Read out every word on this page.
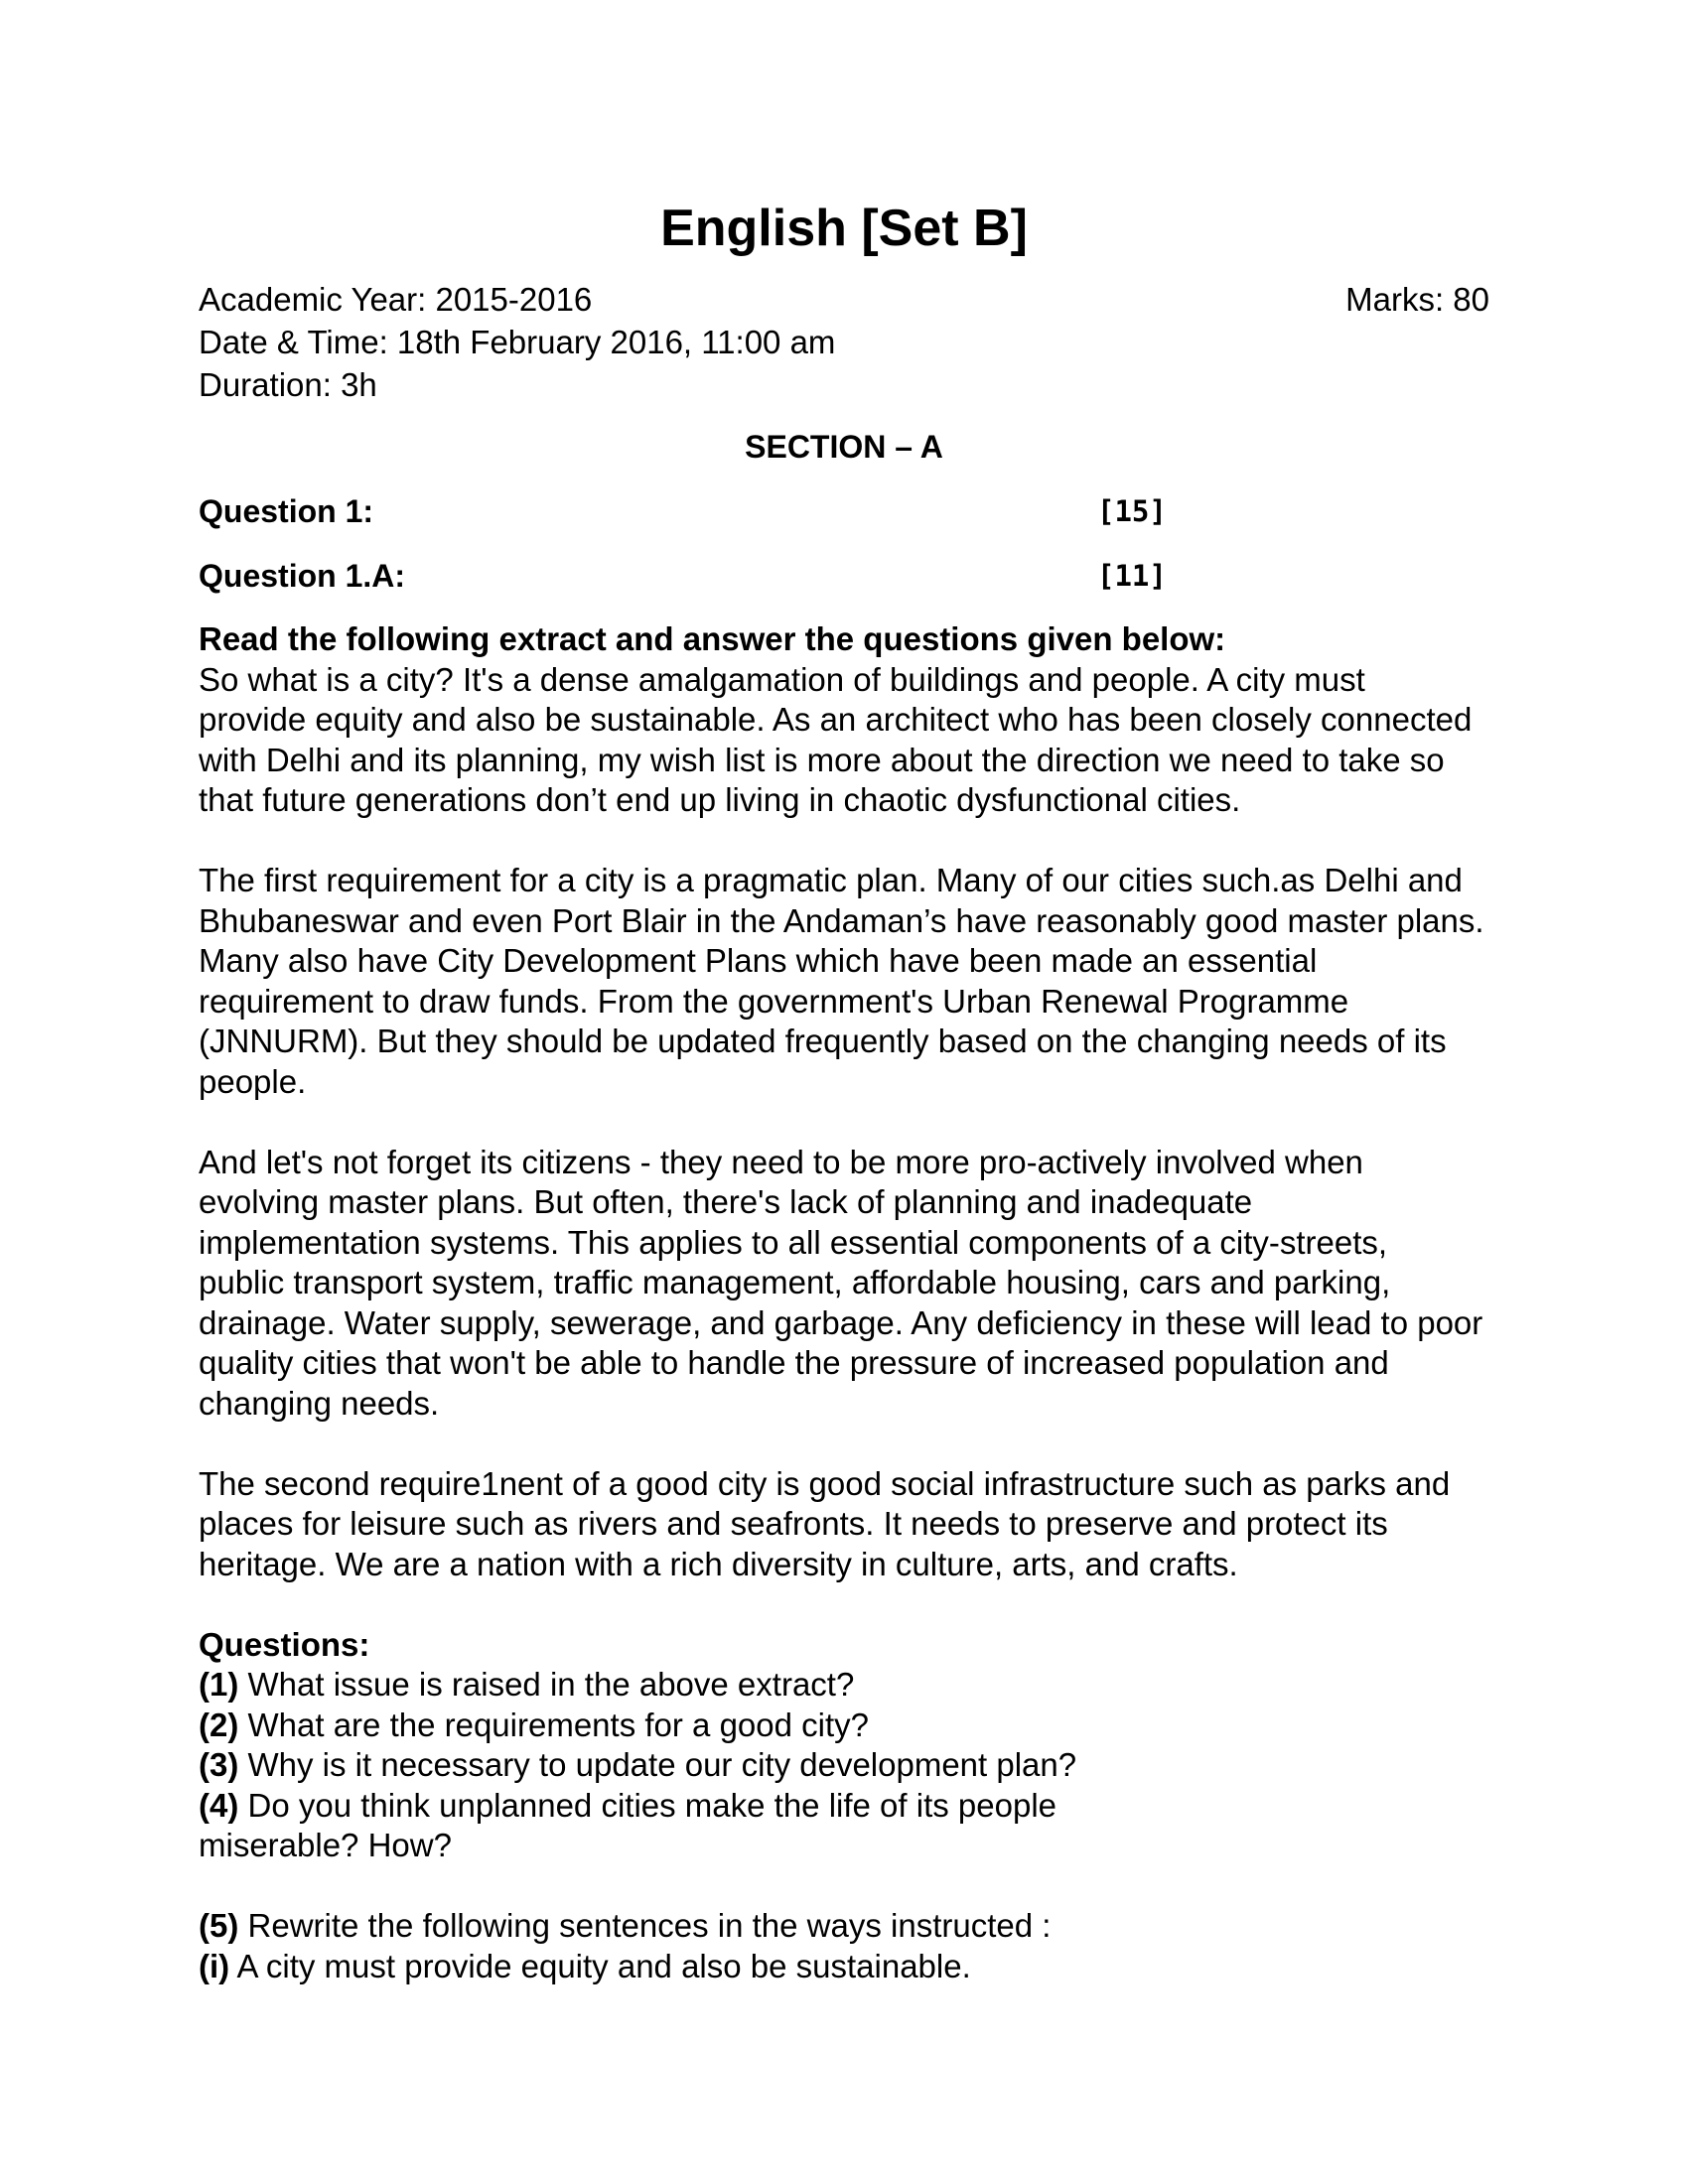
English [Set B]
Academic Year: 2015-2016
Date & Time: 18th February 2016, 11:00 am
Duration: 3h
Marks: 80
SECTION – A
Question 1:	[15]
Question 1.A:	[11]
Read the following extract and answer the questions given below:
So what is a city? It's a dense amalgamation of buildings and people. A city must
provide equity and also be sustainable. As an architect who has been closely connected
with Delhi and its planning, my wish list is more about the direction we need to take so
that future generations don’t end up living in chaotic dysfunctional cities.
The first requirement for a city is a pragmatic plan. Many of our cities such.as Delhi and
Bhubaneswar and even Port Blair in the Andaman’s have reasonably good master plans.
Many also have City Development Plans which have been made an essential
requirement to draw funds. From the government's Urban Renewal Programme
(JNNURM). But they should be updated frequently based on the changing needs of its
people.
And let's not forget its citizens - they need to be more pro-actively involved when
evolving master plans. But often, there's lack of planning and inadequate
implementation systems. This applies to all essential components of a city-streets,
public transport system, traffic management, affordable housing, cars and parking,
drainage. Water supply, sewerage, and garbage. Any deficiency in these will lead to poor
quality cities that won't be able to handle the pressure of increased population and
changing needs.
The second require1nent of a good city is good social infrastructure such as parks and
places for leisure such as rivers and seafronts. It needs to preserve and protect its
heritage. We are a nation with a rich diversity in culture, arts, and crafts.
Questions:
(1) What issue is raised in the above extract?
(2) What are the requirements for a good city?
(3) Why is it necessary to update our city development plan?
(4) Do you think unplanned cities make the life of its people
miserable? How?
(5) Rewrite the following sentences in the ways instructed :
(i) A city must provide equity and also be sustainable.
